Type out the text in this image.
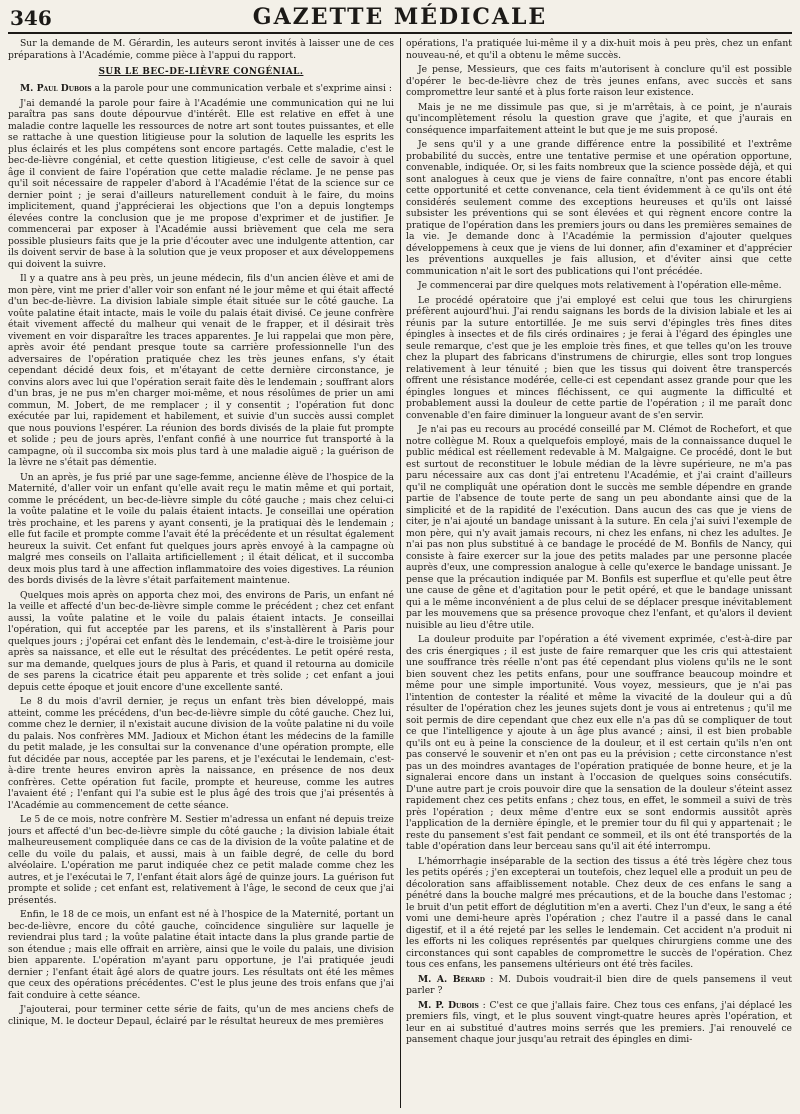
346	GAZETTE MÉDICALE

Sur la demande de M. Gérardin, les auteurs seront invités à laisser une de ces préparations à l'Académie, comme pièce à l'appui du rapport.

SUR LE BEC-DE-LIÈVRE CONGÉNIAL.

M. Paul Dubois a la parole pour une communication verbale et s'exprime ainsi :

J'ai demandé la parole pour faire à l'Académie une communication qui ne lui paraîtra pas sans doute dépourvue d'intérêt. Elle est relative en effet à une maladie contre laquelle les ressources de notre art sont toutes puissantes, et elle se rattache à une question litigieuse pour la solution de laquelle les esprits les plus éclairés et les plus compétens sont encore partagés. Cette maladie, c'est le bec-de-lièvre congénial, et cette question litigieuse, c'est celle de savoir à quel âge il convient de faire l'opération que cette maladie réclame. Je ne pense pas qu'il soit nécessaire de rappeler d'abord à l'Académie l'état de la science sur ce dernier point ; je serai d'ailleurs naturellement conduit à le faire, du moins implicitement, quand j'apprécierai les objections que l'on a depuis longtemps élevées contre la conclusion que je me propose d'exprimer et de justifier. Je commencerai par exposer à l'Académie aussi brièvement que cela me sera possible plusieurs faits que je la prie d'écouter avec une indulgente attention, car ils doivent servir de base à la solution que je veux proposer et aux développemens qui doivent la suivre.

Il y a quatre ans à peu près, un jeune médecin, fils d'un ancien élève et ami de mon père, vint me prier d'aller voir son enfant né le jour même et qui était affecté d'un bec-de-lièvre. La division labiale simple était située sur le côté gauche. La voûte palatine était intacte, mais le voile du palais était divisé. Ce jeune confrère était vivement affecté du malheur qui venait de le frapper, et il désirait très vivement en voir disparaître les traces apparentes. Je lui rappelai que mon père, après avoir été pendant presque toute sa carrière professionnelle l'un des adversaires de l'opération pratiquée chez les très jeunes enfans, s'y était cependant décidé deux fois, et m'étayant de cette dernière circonstance, je convins alors avec lui que l'opération serait faite dès le lendemain ; souffrant alors d'un bras, je ne pus m'en charger moi-même, et nous résolûmes de prier un ami commun, M. Jobert, de me remplacer ; il y consentit ; l'opération fut donc exécutée par lui, rapidement et habilement, et suivie d'un succès aussi complet que nous pouvions l'espérer. La réunion des bords divisés de la plaie fut prompte et solide ; peu de jours après, l'enfant confié à une nourrice fut transporté à la campagne, où il succomba six mois plus tard à une maladie aiguë ; la guérison de la lèvre ne s'était pas démentie.

Un an après, je fus prié par une sage-femme, ancienne élève de l'hospice de la Maternité, d'aller voir un enfant qu'elle avait reçu le matin même et qui portait, comme le précédent, un bec-de-lièvre simple du côté gauche ; mais chez celui-ci la voûte palatine et le voile du palais étaient intacts. Je conseillai une opération très prochaine, et les parens y ayant consenti, je la pratiquai dès le lendemain ; elle fut facile et prompte comme l'avait été la précédente et un résultat également heureux la suivit. Cet enfant fut quelques jours après envoyé à la campagne où malgré mes conseils on l'allaita artificiellement ; il était délicat, et il succomba deux mois plus tard à une affection inflammatoire des voies digestives. La réunion des bords divisés de la lèvre s'était parfaitement maintenue.

Quelques mois après on apporta chez moi, des environs de Paris, un enfant né la veille et affecté d'un bec-de-lièvre simple comme le précédent ; chez cet enfant aussi, la voûte palatine et le voile du palais étaient intacts. Je conseillai l'opération, qui fut acceptée par les parens, et ils s'installèrent à Paris pour quelques jours ; j'opérai cet enfant dès le lendemain, c'est-à-dire le troisième jour après sa naissance, et elle eut le résultat des précédentes. Le petit opéré resta, sur ma demande, quelques jours de plus à Paris, et quand il retourna au domicile de ses parens la cicatrice était peu apparente et très solide ; cet enfant a joui depuis cette époque et jouit encore d'une excellente santé.

Le 8 du mois d'avril dernier, je reçus un enfant très bien développé, mais atteint, comme les précédens, d'un bec-de-lièvre simple du côté gauche. Chez lui, comme chez le dernier, il n'existait aucune division de la voûte palatine ni du voile du palais. Nos confrères MM. Jadioux et Michon étant les médecins de la famille du petit malade, je les consultai sur la convenance d'une opération prompte, elle fut décidée par nous, acceptée par les parens, et je l'exécutai le lendemain, c'est-à-dire trente heures environ après la naissance, en présence de nos deux confrères. Cette opération fut facile, prompte et heureuse, comme les autres l'avaient été ; l'enfant qui l'a subie est le plus âgé des trois que j'ai présentés à l'Académie au commencement de cette séance.

Le 5 de ce mois, notre confrère M. Sestier m'adressa un enfant né depuis treize jours et affecté d'un bec-de-lièvre simple du côté gauche ; la division labiale était malheureusement compliquée dans ce cas de la division de la voûte palatine et de celle du voile du palais, et aussi, mais à un faible degré, de celle du bord alvéolaire. L'opération me parut indiquée chez ce petit malade comme chez les autres, et je l'exécutai le 7, l'enfant était alors âgé de quinze jours. La guérison fut prompte et solide ; cet enfant est, relativement à l'âge, le second de ceux que j'ai présentés.

Enfin, le 18 de ce mois, un enfant est né à l'hospice de la Maternité, portant un bec-de-lièvre, encore du côté gauche, coïncidence singulière sur laquelle je reviendrai plus tard ; la voûte palatine était intacte dans la plus grande partie de son étendue ; mais elle offrait en arrière, ainsi que le voile du palais, une division bien apparente. L'opération m'ayant paru opportune, je l'ai pratiquée jeudi dernier ; l'enfant était âgé alors de quatre jours. Les résultats ont été les mêmes que ceux des opérations précédentes. C'est le plus jeune des trois enfans que j'ai fait conduire à cette séance.

J'ajouterai, pour terminer cette série de faits, qu'un de mes anciens chefs de clinique, M. le docteur Depaul, éclairé par le résultat heureux de mes premières

opérations, l'a pratiquée lui-même il y a dix-huit mois à peu près, chez un enfant nouveau-né, et qu'il a obtenu le même succès.

Je pense, Messieurs, que ces faits m'autorisent à conclure qu'il est possible d'opérer le bec-de-lièvre chez de très jeunes enfans, avec succès et sans compromettre leur santé et à plus forte raison leur existence.

Mais je ne me dissimule pas que, si je m'arrêtais, à ce point, je n'aurais qu'incomplètement résolu la question grave que j'agite, et que j'aurais en conséquence imparfaitement atteint le but que je me suis proposé.

Je sens qu'il y a une grande différence entre la possibilité et l'extrême probabilité du succès, entre une tentative permise et une opération opportune, convenable, indiquée. Or, si les faits nombreux que la science possède déjà, et qui sont analogues à ceux que je viens de faire connaître, n'ont pas encore établi cette opportunité et cette convenance, cela tient évidemment à ce qu'ils ont été considérés seulement comme des exceptions heureuses et qu'ils ont laissé subsister les préventions qui se sont élevées et qui règnent encore contre la pratique de l'opération dans les premiers jours ou dans les premières semaines de la vie. Je demande donc à l'Académie la permission d'ajouter quelques développemens à ceux que je viens de lui donner, afin d'examiner et d'apprécier les préventions auxquelles je fais allusion, et d'éviter ainsi que cette communication n'ait le sort des publications qui l'ont précédée.

Je commencerai par dire quelques mots relativement à l'opération elle-même.

Le procédé opératoire que j'ai employé est celui que tous les chirurgiens préfèrent aujourd'hui. J'ai rendu saignans les bords de la division labiale et les ai réunis par la suture entortillée. Je me suis servi d'épingles très fines dites épingles à insectes et de fils cirés ordinaires ; je ferai à l'égard des épingles une seule remarque, c'est que je les emploie très fines, et que telles qu'on les trouve chez la plupart des fabricans d'instrumens de chirurgie, elles sont trop longues relativement à leur ténuité ; bien que les tissus qui doivent être transpercés offrent une résistance modérée, celle-ci est cependant assez grande pour que les épingles longues et minces fléchissent, ce qui augmente la difficulté et probablement aussi la douleur de cette partie de l'opération ; il me paraît donc convenable d'en faire diminuer la longueur avant de s'en servir.

Je n'ai pas eu recours au procédé conseillé par M. Clémot de Rochefort, et que notre collègue M. Roux a quelquefois employé, mais de la connaissance duquel le public médical est réellement redevable à M. Malgaigne. Ce procédé, dont le but est surtout de reconstituer le lobule médian de la lèvre supérieure, ne m'a pas paru nécessaire aux cas dont j'ai entretenu l'Académie, et j'ai craint d'ailleurs qu'il ne compliquât une opération dont le succès me semble dépendre en grande partie de l'absence de toute perte de sang un peu abondante ainsi que de la simplicité et de la rapidité de l'exécution. Dans aucun des cas que je viens de citer, je n'ai ajouté un bandage unissant à la suture. En cela j'ai suivi l'exemple de mon père, qui n'y avait jamais recours, ni chez les enfans, ni chez les adultes. Je n'ai pas non plus substitué à ce bandage le procédé de M. Bonfils de Nancy, qui consiste à faire exercer sur la joue des petits malades par une personne placée auprès d'eux, une compression analogue à celle qu'exerce le bandage unissant. Je pense que la précaution indiquée par M. Bonfils est superflue et qu'elle peut être une cause de gêne et d'agitation pour le petit opéré, et que le bandage unissant qui a le même inconvénient a de plus celui de se déplacer presque inévitablement par les mouvemens que sa présence provoque chez l'enfant, et qu'alors il devient nuisible au lieu d'être utile.

La douleur produite par l'opération a été vivement exprimée, c'est-à-dire par des cris énergiques ; il est juste de faire remarquer que les cris qui attestaient une souffrance très réelle n'ont pas été cependant plus violens qu'ils ne le sont bien souvent chez les petits enfans, pour une souffrance beaucoup moindre et même pour une simple importunité. Vous voyez, messieurs, que je n'ai pas l'intention de contester la réalité et même la vivacité de la douleur qui a dû résulter de l'opération chez les jeunes sujets dont je vous ai entretenus ; qu'il me soit permis de dire cependant que chez eux elle n'a pas dû se compliquer de tout ce que l'intelligence y ajoute à un âge plus avancé ; ainsi, il est bien probable qu'ils ont eu à peine la conscience de la douleur, et il est certain qu'ils n'en ont pas conservé le souvenir et n'en ont pas eu la prévision ; cette circonstance n'est pas un des moindres avantages de l'opération pratiquée de bonne heure, et je la signalerai encore dans un instant à l'occasion de quelques soins consécutifs. D'une autre part je crois pouvoir dire que la sensation de la douleur s'éteint assez rapidement chez ces petits enfans ; chez tous, en effet, le sommeil a suivi de très près l'opération ; deux même d'entre eux se sont endormis aussitôt après l'application de la dernière épingle, et le premier tour du fil qui y appartenait ; le reste du pansement s'est fait pendant ce sommeil, et ils ont été transportés de la table d'opération dans leur berceau sans qu'il ait été interrompu.

L'hémorrhagie inséparable de la section des tissus a été très légère chez tous les petits opérés ; j'en excepterai un toutefois, chez lequel elle a produit un peu de décoloration sans affaiblissement notable. Chez deux de ces enfans le sang a pénétré dans la bouche malgré mes précautions, et de la bouche dans l'estomac ; le bruit d'un petit effort de déglutition m'en a averti. Chez l'un d'eux, le sang a été vomi une demi-heure après l'opération ; chez l'autre il a passé dans le canal digestif, et il a été rejeté par les selles le lendemain. Cet accident n'a produit ni les efforts ni les coliques représentés par quelques chirurgiens comme une des circonstances qui sont capables de compromettre le succès de l'opération. Chez tous ces enfans, les pansemens ultérieurs ont été très faciles.

M. A. Bérard : M. Dubois voudrait-il bien dire de quels pansemens il veut parler ?

M. P. Dubois : C'est ce que j'allais faire. Chez tous ces enfans, j'ai déplacé les premiers fils, vingt, et le plus souvent vingt-quatre heures après l'opération, et leur en ai substitué d'autres moins serrés que les premiers. J'ai renouvelé ce pansement chaque jour jusqu'au retrait des épingles en dimi-
